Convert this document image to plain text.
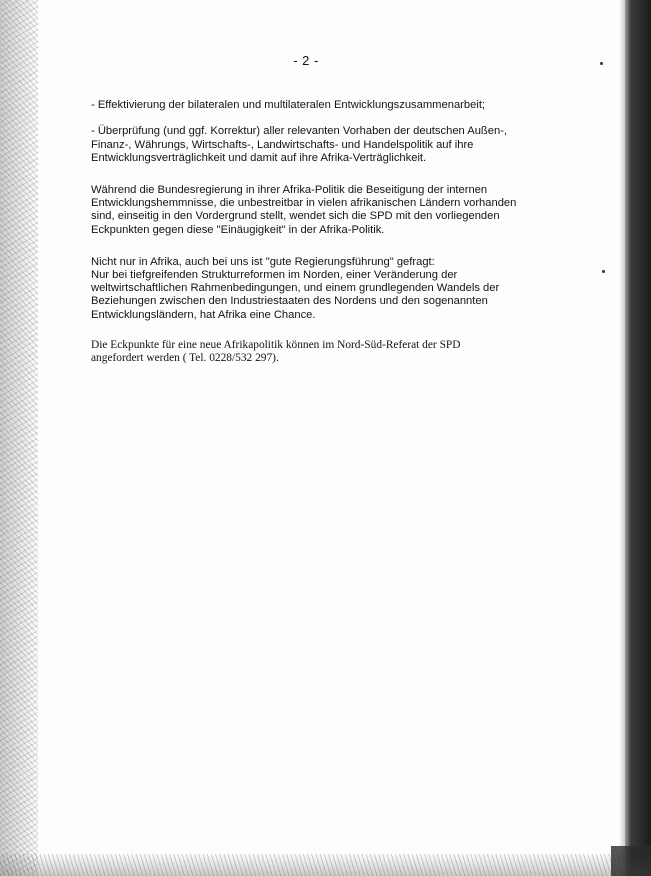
- 2 -

- Effektivierung der bilateralen und multilateralen Entwicklungszusammenarbeit;

- Überprüfung (und ggf. Korrektur) aller relevanten Vorhaben der deutschen Außen-,
Finanz-, Währungs, Wirtschafts-, Landwirtschafts- und Handelspolitik auf ihre
Entwicklungsverträglichkeit und damit auf ihre Afrika-Verträglichkeit.

Während die Bundesregierung in ihrer Afrika-Politik die Beseitigung der internen
Entwicklungshemmnisse, die unbestreitbar in vielen afrikanischen Ländern vorhanden
sind, einseitig in den Vordergrund stellt, wendet sich die SPD mit den vorliegenden
Eckpunkten gegen diese "Einäugigkeit" in der Afrika-Politik.

Nicht nur in Afrika, auch bei uns ist "gute Regierungsführung" gefragt:
Nur bei tiefgreifenden Strukturreformen im Norden, einer Veränderung der
weltwirtschaftlichen Rahmenbedingungen, und einem grundlegenden Wandels der
Beziehungen zwischen den Industriestaaten des Nordens und den sogenannten
Entwicklungsländern, hat Afrika eine Chance.

Die Eckpunkte für eine neue Afrikapolitik können im Nord-Süd-Referat der SPD
angefordert werden ( Tel. 0228/532 297).
